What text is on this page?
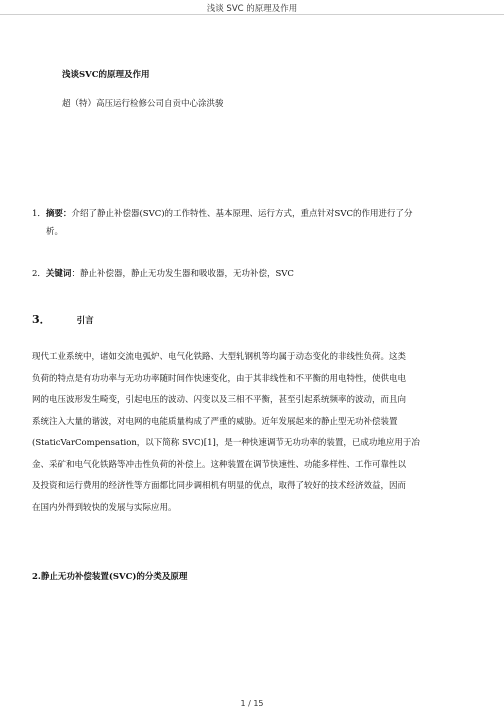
浅谈 SVC 的原理及作用
浅谈SVC的原理及作用
超（特）高压运行检修公司自贡中心涂洪骏
1．摘要：介绍了静止补偿器(SVC)的工作特性、基本原理、运行方式，重点针对SVC的作用进行了分
析。
2．关键词：静止补偿器，静止无功发生器和吸收器，无功补偿，SVC
3．	引言
现代工业系统中，诸如交流电弧炉、电气化铁路、大型轧钢机等均属于动态变化的非线性负荷。这类
负荷的特点是有功功率与无功功率随时间作快速变化，由于其非线性和不平衡的用电特性，使供电电
网的电压波形发生畸变，引起电压的波动、闪变以及三相不平衡，甚至引起系统频率的波动，而且向
系统注入大量的谐波，对电网的电能质量构成了严重的威胁。近年发展起来的静止型无功补偿装置
(StaticVarCompensation，以下简称 SVC)[1]，是一种快速调节无功功率的装置，已成功地应用于冶
金、采矿和电气化铁路等冲击性负荷的补偿上。这种装置在调节快速性、功能多样性、工作可靠性以
及投资和运行费用的经济性等方面都比同步调相机有明显的优点，取得了较好的技术经济效益，因而
在国内外得到较快的发展与实际应用。
2.静止无功补偿装置(SVC)的分类及原理
1 / 15
